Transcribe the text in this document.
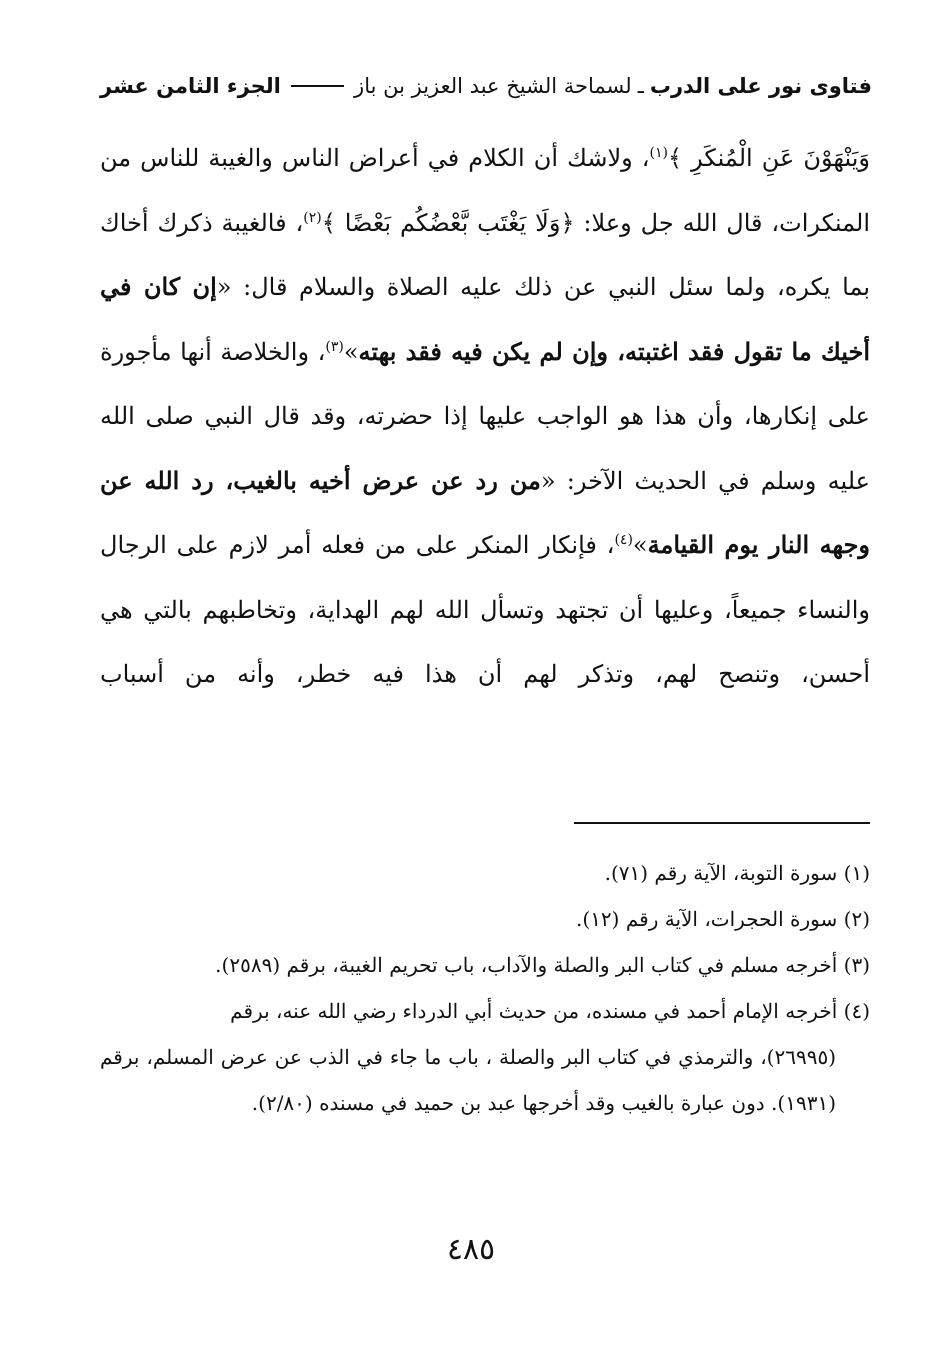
فتاوى نور على الدرب
ـ
لسماحة الشيخ عبد العزيز بن باز
الجزء الثامن عشر

وَيَنْهَوْنَ عَنِ الْمُنكَرِ ﴾$^{(١)}$، ولاشك أن الكلام في أعراض الناس والغيبة للناس من المنكرات، قال الله جل وعلا: ﴿وَلَا يَغْتَب بَّعْضُكُم بَعْضًا ﴾$^{(٢)}$، فالغيبة ذكرك أخاك بما يكره، ولما سئل النبي عن ذلك عليه الصلاة والسلام قال: «إن كان في أخيك ما تقول فقد اغتبته، وإن لم يكن فيه فقد بهته»$^{(٣)}$، والخلاصة أنها مأجورة على إنكارها، وأن هذا هو الواجب عليها إذا حضرته، وقد قال النبي صلى الله عليه وسلم في الحديث الآخر: «من رد عن عرض أخيه بالغيب، رد الله عن وجهه النار يوم القيامة»$^{(٤)}$، فإنكار المنكر على من فعله أمر لازم على الرجال والنساء جميعاً، وعليها أن تجتهد وتسأل الله لهم الهداية، وتخاطبهم بالتي هي أحسن، وتنصح لهم، وتذكر لهم أن هذا فيه خطر، وأنه من أسباب

(١) سورة التوبة، الآية رقم (٧١).

(٢) سورة الحجرات، الآية رقم (١٢).

(٣) أخرجه مسلم في كتاب البر والصلة والآداب، باب تحريم الغيبة، برقم (٢٥٨٩).

(٤) أخرجه الإمام أحمد في مسنده، من حديث أبي الدرداء رضي الله عنه، برقم
(٢٦٩٩٥)، والترمذي في كتاب البر والصلة ، باب ما جاء في الذب عن عرض المسلم، برقم (١٩٣١). دون عبارة بالغيب وقد أخرجها عبد بن حميد في مسنده (٢/٨٠).

٤٨٥
